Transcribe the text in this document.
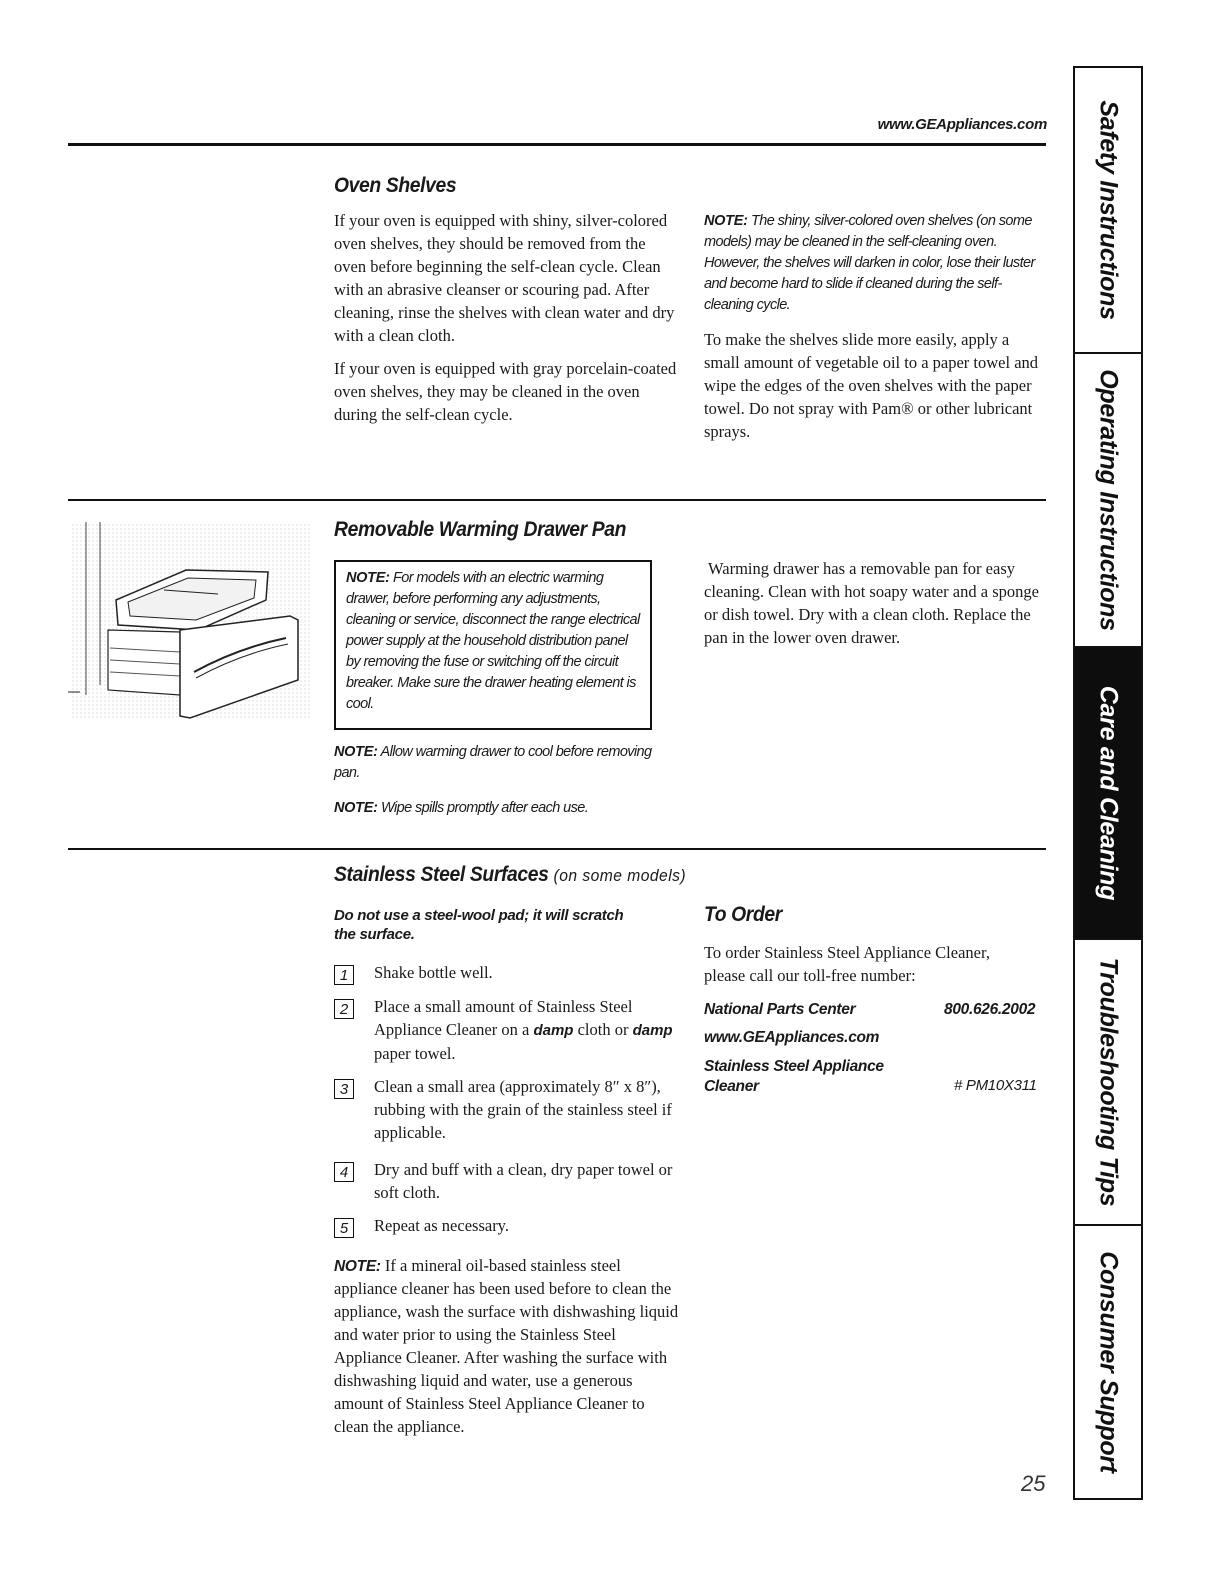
www.GEAppliances.com
Oven Shelves

If your oven is equipped with shiny, silver-colored oven shelves, they should be removed from the oven before beginning the self-clean cycle. Clean with an abrasive cleanser or scouring pad. After cleaning, rinse the shelves with clean water and dry with a clean cloth.

If your oven is equipped with gray porcelain-coated oven shelves, they may be cleaned in the oven during the self-clean cycle.

NOTE: The shiny, silver-colored oven shelves (on some models) may be cleaned in the self-cleaning oven. However, the shelves will darken in color, lose their luster and become hard to slide if cleaned during the self-cleaning cycle.
To make the shelves slide more easily, apply a small amount of vegetable oil to a paper towel and wipe the edges of the oven shelves with the paper towel. Do not spray with Pam® or other lubricant sprays.
Removable Warming Drawer Pan
NOTE: For models with an electric warming drawer, before performing any adjustments, cleaning or service, disconnect the range electrical power supply at the household distribution panel by removing the fuse or switching off the circuit breaker. Make sure the drawer heating element is cool.
NOTE: Allow warming drawer to cool before removing pan.
NOTE: Wipe spills promptly after each use.
Warming drawer has a removable pan for easy cleaning. Clean with hot soapy water and a sponge or dish towel. Dry with a clean cloth. Replace the pan in the lower oven drawer.
Stainless Steel Surfaces (on some models)
Do not use a steel-wool pad; it will scratch the surface.
1	Shake bottle well.
2	Place a small amount of Stainless Steel Appliance Cleaner on a damp cloth or damp paper towel.
3	Clean a small area (approximately 8″ x 8″), rubbing with the grain of the stainless steel if applicable.
4	Dry and buff with a clean, dry paper towel or soft cloth.
5	Repeat as necessary.
NOTE: If a mineral oil-based stainless steel appliance cleaner has been used before to clean the appliance, wash the surface with dishwashing liquid and water prior to using the Stainless Steel Appliance Cleaner. After washing the surface with dishwashing liquid and water, use a generous amount of Stainless Steel Appliance Cleaner to clean the appliance.
To Order
To order Stainless Steel Appliance Cleaner, please call our toll-free number:
National Parts Center	800.626.2002
www.GEAppliances.com
Stainless Steel Appliance
Cleaner	# PM10X311
25
Safety Instructions
Operating Instructions
Care and Cleaning
Troubleshooting Tips
Consumer Support
